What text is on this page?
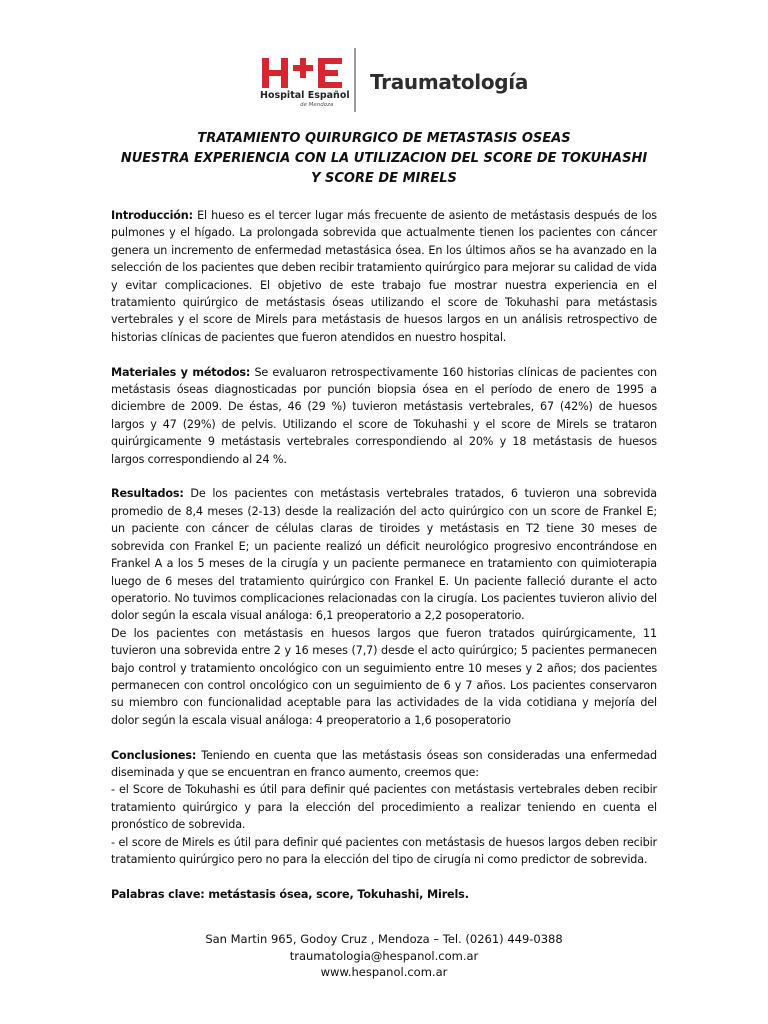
Hospital Español
de Mendoza
Traumatología
TRATAMIENTO QUIRURGICO DE METASTASIS OSEAS
NUESTRA EXPERIENCIA CON LA UTILIZACION DEL SCORE DE TOKUHASHI
Y SCORE DE MIRELS

Introducción: El hueso es el tercer lugar más frecuente de asiento de metástasis después de los pulmones y el hígado. La prolongada sobrevida que actualmente tienen los pacientes con cáncer genera un incremento de enfermedad metastásica ósea. En los últimos años se ha avanzado en la selección de los pacientes que deben recibir tratamiento quirúrgico para mejorar su calidad de vida y evitar complicaciones. El objetivo de este trabajo fue mostrar nuestra experiencia en el tratamiento quirúrgico de metástasis óseas utilizando el score de Tokuhashi para metástasis vertebrales y el score de Mirels para metástasis de huesos largos en un análisis retrospectivo de historias clínicas de pacientes que fueron atendidos en nuestro hospital.

Materiales y métodos: Se evaluaron retrospectivamente 160 historias clínicas de pacientes con metástasis óseas diagnosticadas por punción biopsia ósea en el período de enero de 1995 a diciembre de 2009. De éstas, 46 (29 %) tuvieron metástasis vertebrales, 67 (42%) de huesos largos y 47 (29%) de pelvis. Utilizando el score de Tokuhashi y el score de Mirels se trataron quirúrgicamente 9 metástasis vertebrales correspondiendo al 20% y 18 metástasis de huesos largos correspondiendo al 24 %.

Resultados: De los pacientes con metástasis vertebrales tratados, 6 tuvieron una sobrevida promedio de 8,4 meses (2-13) desde la realización del acto quirúrgico con un score de Frankel E; un paciente con cáncer de células claras de tiroides y metástasis en T2 tiene 30 meses de sobrevida con Frankel E; un paciente realizó un déficit neurológico progresivo encontrándose en Frankel A a los 5 meses de la cirugía y un paciente permanece en tratamiento con quimioterapia luego de 6 meses del tratamiento quirúrgico con Frankel E. Un paciente falleció durante el acto operatorio. No tuvimos complicaciones relacionadas con la cirugía. Los pacientes tuvieron alivio del dolor según la escala visual análoga: 6,1 preoperatorio a 2,2 posoperatorio.

De los pacientes con metástasis en huesos largos que fueron tratados quirúrgicamente, 11 tuvieron una sobrevida entre 2 y 16 meses (7,7) desde el acto quirúrgico; 5 pacientes permanecen bajo control y tratamiento oncológico con un seguimiento entre 10 meses y 2 años; dos pacientes permanecen con control oncológico con un seguimiento de 6 y 7 años. Los pacientes conservaron su miembro con funcionalidad aceptable para las actividades de la vida cotidiana y mejoría del dolor según la escala visual análoga: 4 preoperatorio a 1,6 posoperatorio

Conclusiones: Teniendo en cuenta que las metástasis óseas son consideradas una enfermedad diseminada y que se encuentran en franco aumento, creemos que:

- el Score de Tokuhashi es útil para definir qué pacientes con metástasis vertebrales deben recibir tratamiento quirúrgico y para la elección del procedimiento a realizar teniendo en cuenta el pronóstico de sobrevida.

- el score de Mirels es útil para definir qué pacientes con metástasis de huesos largos deben recibir tratamiento quirúrgico pero no para la elección del tipo de cirugía ni como predictor de sobrevida.

Palabras clave: metástasis ósea, score, Tokuhashi, Mirels.

San Martin 965, Godoy Cruz , Mendoza – Tel. (0261) 449-0388
traumatologia@hespanol.com.ar
www.hespanol.com.ar
